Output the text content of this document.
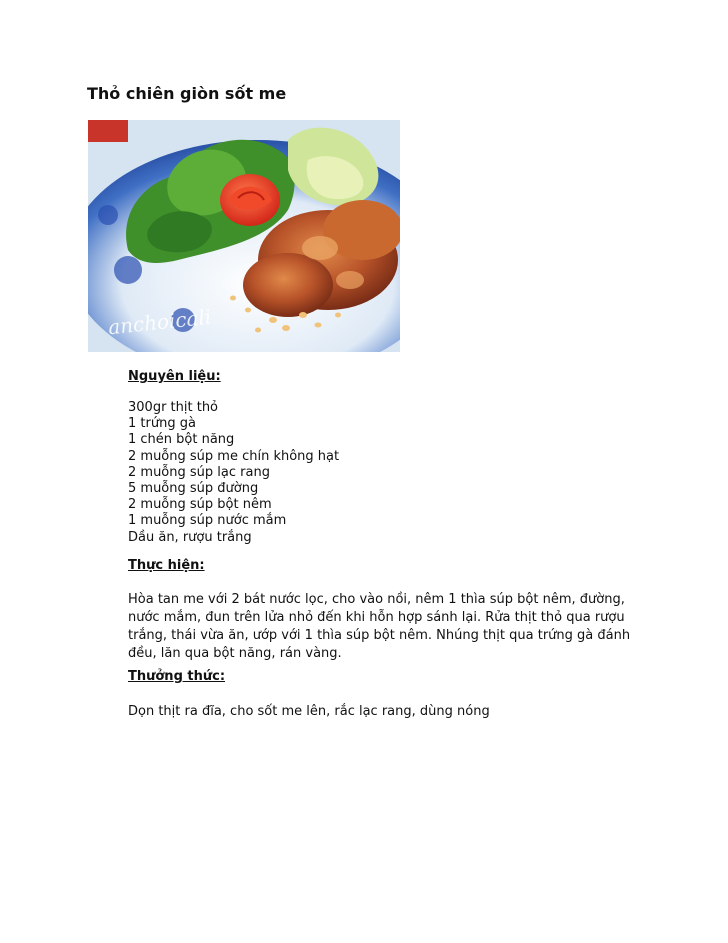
Thỏ chiên giòn sốt me
anchoicali
Nguyên liệu:
300gr thịt thỏ
1 trứng gà
1 chén bột năng
2 muỗng súp me chín không hạt
2 muỗng súp lạc rang
5 muỗng súp đường
2 muỗng súp bột nêm
1 muỗng súp nước mắm
Dầu ăn, rượu trắng
Thực hiện:

Hòa tan me với 2 bát nước lọc, cho vào nồi, nêm 1 thìa súp bột nêm, đường,
nước mắm, đun trên lửa nhỏ đến khi hỗn hợp sánh lại. Rửa thịt thỏ qua rượu
trắng, thái vừa ăn, ướp với 1 thìa súp bột nêm. Nhúng thịt qua trứng gà đánh
đều, lăn qua bột năng, rán vàng.

Thưởng thức:

Dọn thịt ra đĩa, cho sốt me lên, rắc lạc rang, dùng nóng
